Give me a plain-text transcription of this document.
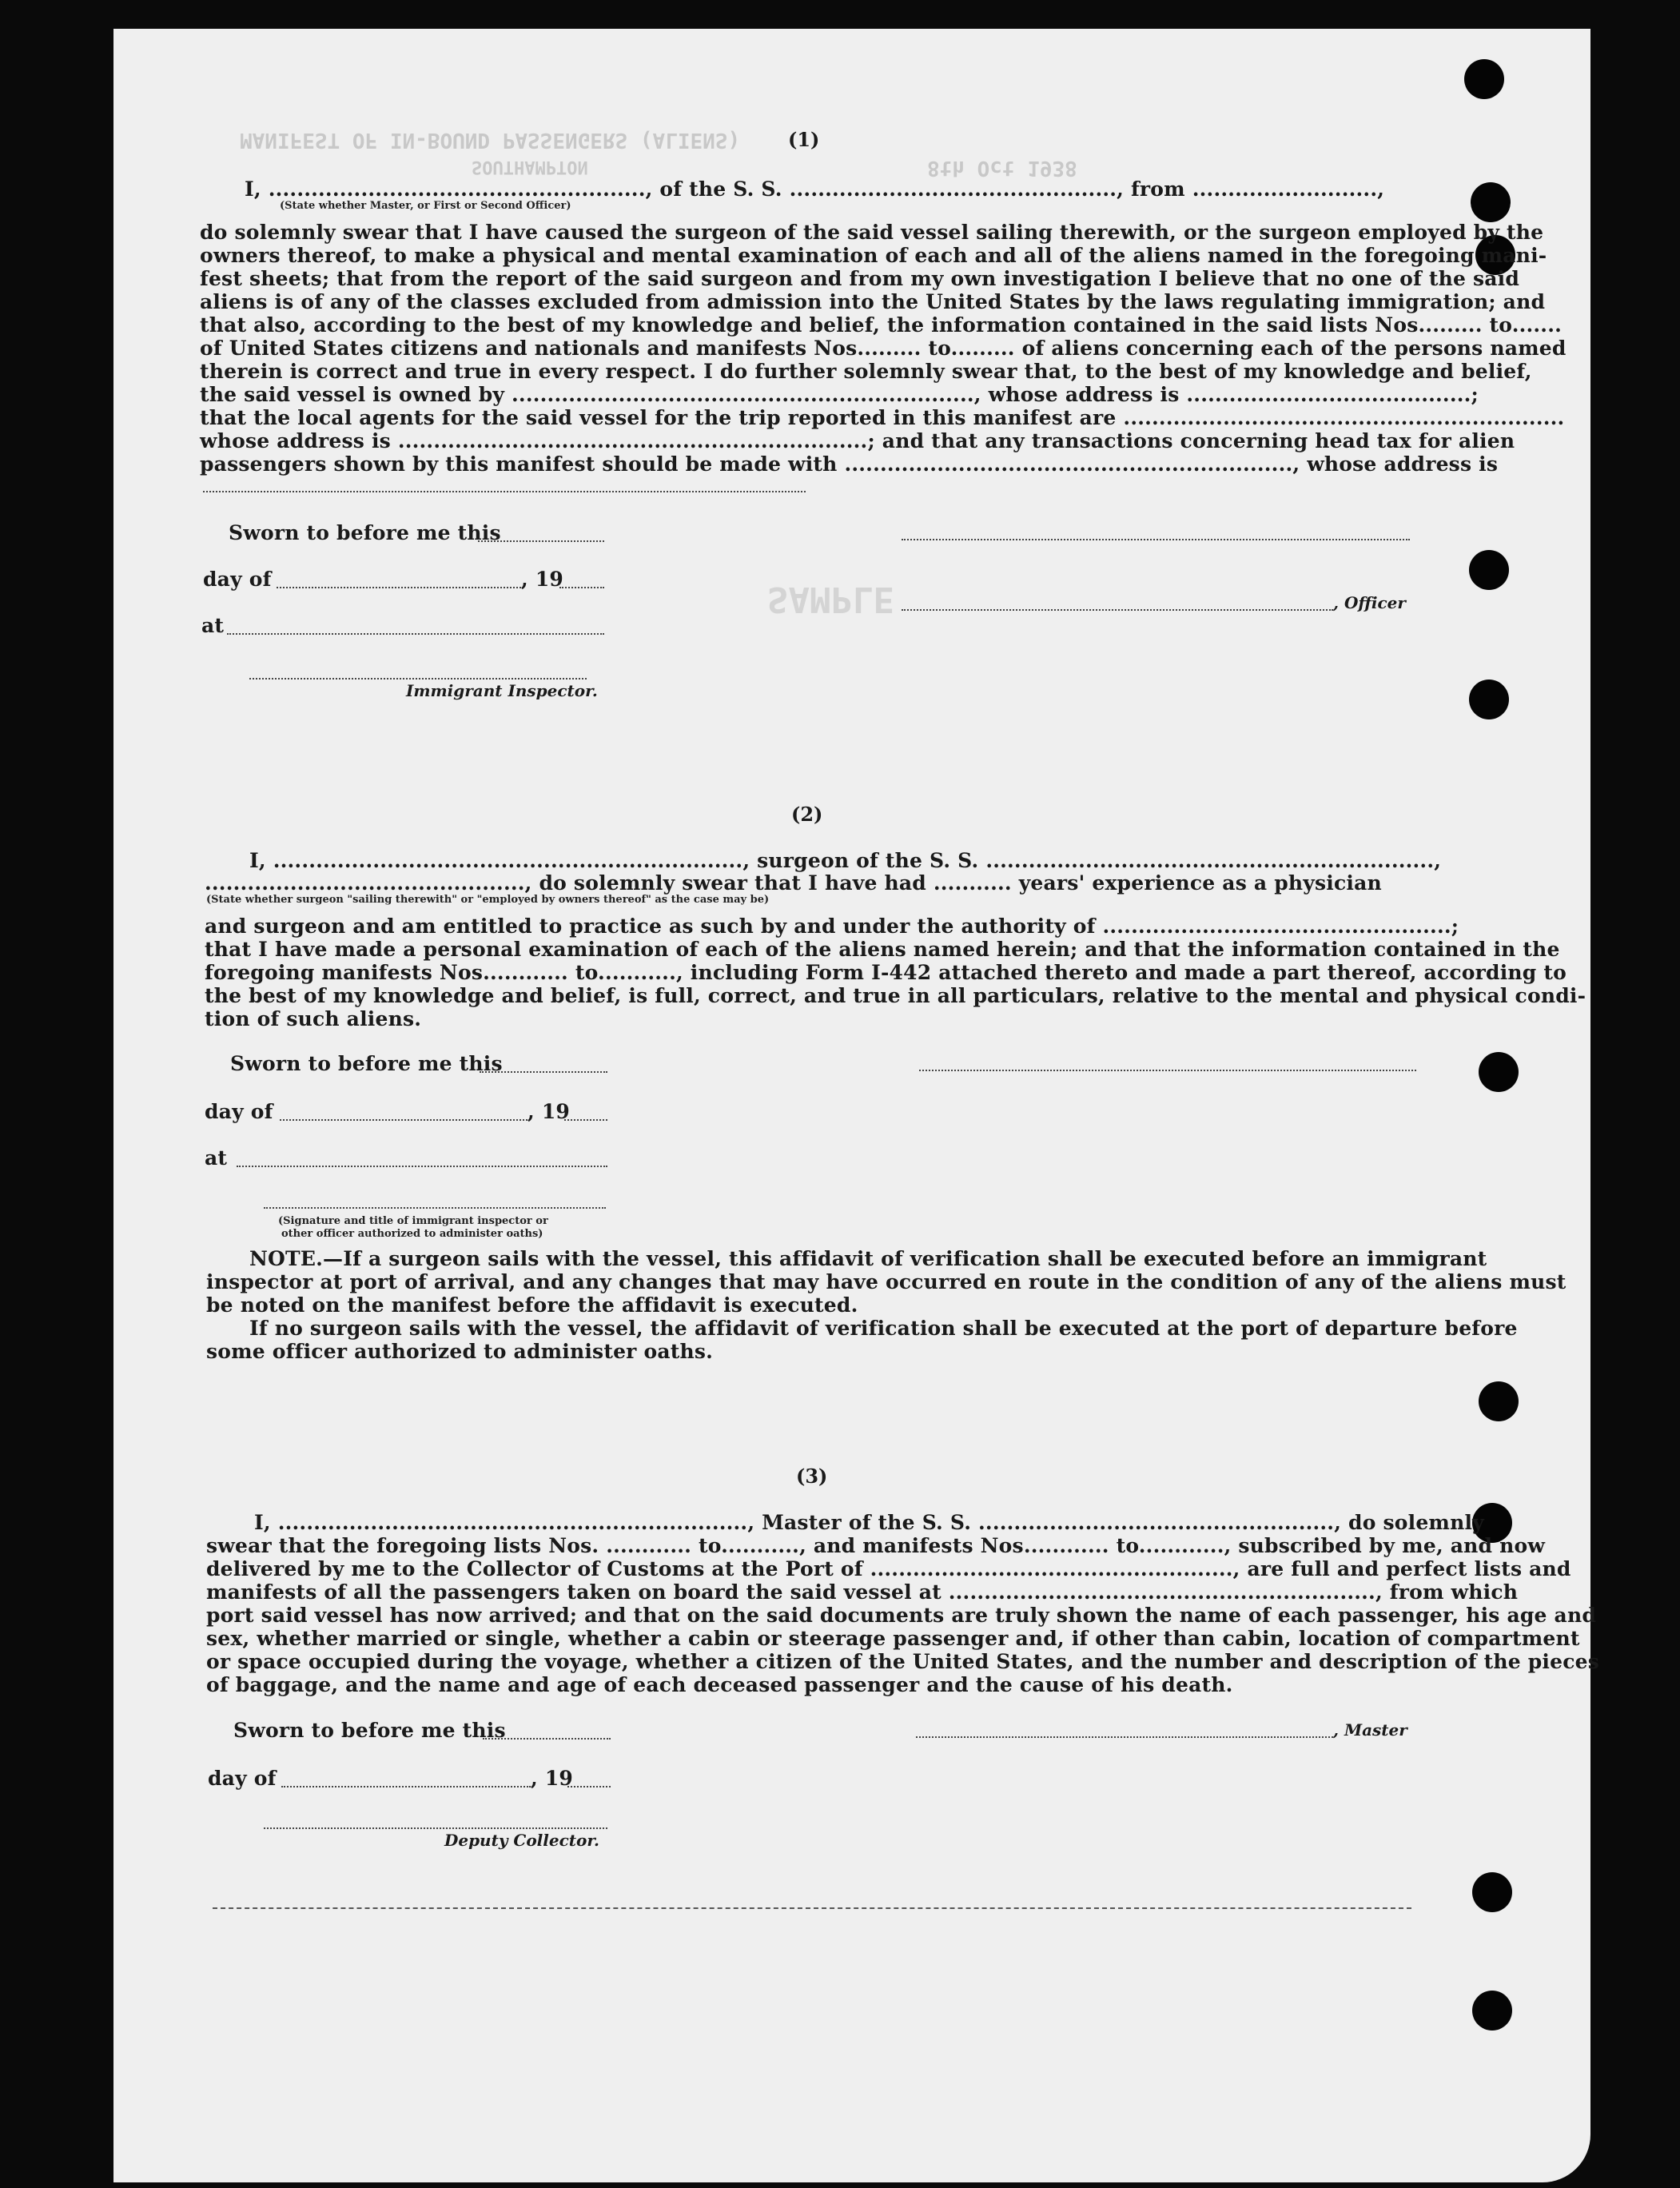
MANIFEST OF IN-BOUND PASSENGERS (ALIENS)
8th Oct 1938
SOUTHAMPTON
SAMPLE
(1)
I, ....................................................., of the S. S. .............................................., from ..........................,
(State whether Master, or First or Second Officer)
do solemnly swear that I have caused the surgeon of the said vessel sailing therewith, or the surgeon employed by the
owners thereof, to make a physical and mental examination of each and all of the aliens named in the foregoing mani-
fest sheets; that from the report of the said surgeon and from my own investigation I believe that no one of the said
aliens is of any of the classes excluded from admission into the United States by the laws regulating immigration; and
that also, according to the best of my knowledge and belief, the information contained in the said lists Nos......... to.......
of United States citizens and nationals and manifests Nos......... to......... of aliens concerning each of the persons named
therein is correct and true in every respect. I do further solemnly swear that, to the best of my knowledge and belief,
the said vessel is owned by ................................................................., whose address is ........................................;
that the local agents for the said vessel for the trip reported in this manifest are ..............................................................
whose address is ..................................................................; and that any transactions concerning head tax for alien
passengers shown by this manifest should be made with ..............................................................., whose address is
Sworn to before me this
day of	, 19
, Officer
at
Immigrant Inspector.
(2)
I, .................................................................., surgeon of the S. S. ...............................................................,
............................................., do solemnly swear that I have had ........... years' experience as a physician
(State whether surgeon "sailing therewith" or "employed by owners thereof" as the case may be)
and surgeon and am entitled to practice as such by and under the authority of .................................................;
that I have made a personal examination of each of the aliens named herein; and that the information contained in the
foregoing manifests Nos............ to..........., including Form I-442 attached thereto and made a part thereof, according to
the best of my knowledge and belief, is full, correct, and true in all particulars, relative to the mental and physical condi-
tion of such aliens.
Sworn to before me this
day of	, 19
at
(Signature and title of immigrant inspector or
other officer authorized to administer oaths)
NOTE.—If a surgeon sails with the vessel, this affidavit of verification shall be executed before an immigrant
inspector at port of arrival, and any changes that may have occurred en route in the condition of any of the aliens must
be noted on the manifest before the affidavit is executed.
If no surgeon sails with the vessel, the affidavit of verification shall be executed at the port of departure before
some officer authorized to administer oaths.
(3)
I, .................................................................., Master of the S. S. .................................................., do solemnly
swear that the foregoing lists Nos. ............ to..........., and manifests Nos............ to............, subscribed by me, and now
delivered by me to the Collector of Customs at the Port of ..................................................., are full and perfect lists and
manifests of all the passengers taken on board the said vessel at ............................................................, from which
port said vessel has now arrived; and that on the said documents are truly shown the name of each passenger, his age and
sex, whether married or single, whether a cabin or steerage passenger and, if other than cabin, location of compartment
or space occupied during the voyage, whether a citizen of the United States, and the number and description of the pieces
of baggage, and the name and age of each deceased passenger and the cause of his death.
Sworn to before me this	, Master
day of	, 19
Deputy Collector.
